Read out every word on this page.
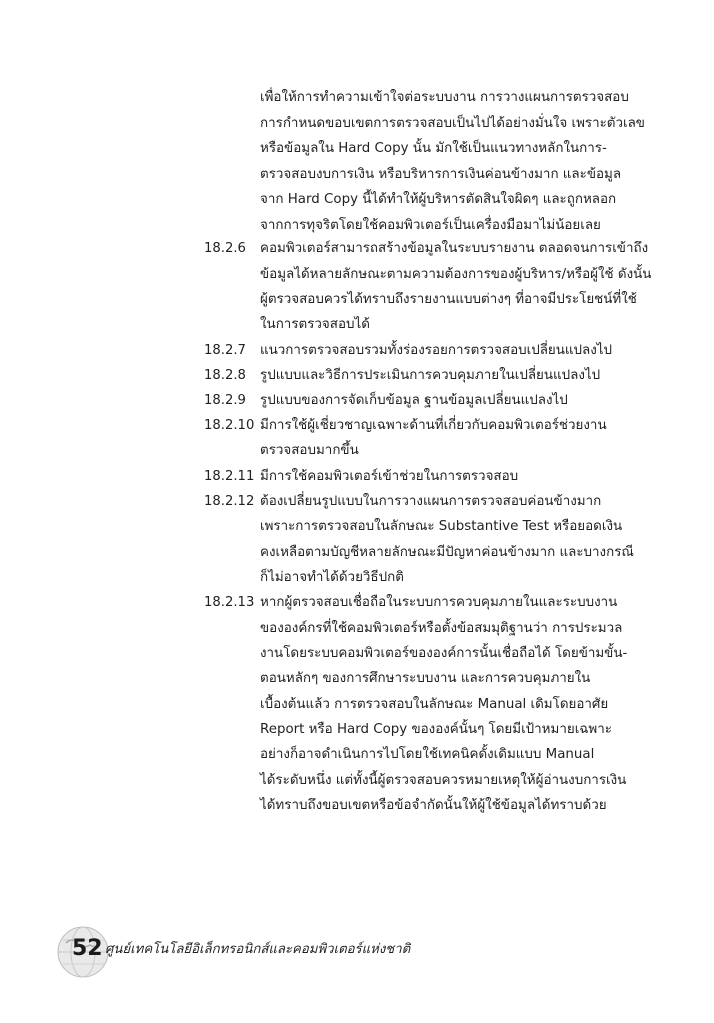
เพื่อให้การทำความเข้าใจต่อระบบงาน การวางแผนการตรวจสอบ
การกำหนดขอบเขตการตรวจสอบเป็นไปได้อย่างมั่นใจ เพราะตัวเลข
หรือข้อมูลใน Hard Copy นั้น มักใช้เป็นแนวทางหลักในการ-
ตรวจสอบงบการเงิน หรือบริหารการเงินค่อนข้างมาก และข้อมูล
จาก Hard Copy นี้ได้ทำให้ผู้บริหารตัดสินใจผิดๆ และถูกหลอก
จากการทุจริตโดยใช้คอมพิวเตอร์เป็นเครื่องมือมาไม่น้อยเลย
18.2.6 คอมพิวเตอร์สามารถสร้างข้อมูลในระบบรายงาน ตลอดจนการเข้าถึง
ข้อมูลได้หลายลักษณะตามความต้องการของผู้บริหาร/หรือผู้ใช้ ดังนั้น
ผู้ตรวจสอบควรได้ทราบถึงรายงานแบบต่างๆ ที่อาจมีประโยชน์ที่ใช้
ในการตรวจสอบได้
18.2.7 แนวการตรวจสอบรวมทั้งร่องรอยการตรวจสอบเปลี่ยนแปลงไป
18.2.8 รูปแบบและวิธีการประเมินการควบคุมภายในเปลี่ยนแปลงไป
18.2.9 รูปแบบของการจัดเก็บข้อมูล ฐานข้อมูลเปลี่ยนแปลงไป
18.2.10 มีการใช้ผู้เชี่ยวชาญเฉพาะด้านที่เกี่ยวกับคอมพิวเตอร์ช่วยงาน
ตรวจสอบมากขึ้น
18.2.11 มีการใช้คอมพิวเตอร์เข้าช่วยในการตรวจสอบ
18.2.12 ต้องเปลี่ยนรูปแบบในการวางแผนการตรวจสอบค่อนข้างมาก
เพราะการตรวจสอบในลักษณะ Substantive Test หรือยอดเงิน
คงเหลือตามบัญชีหลายลักษณะมีปัญหาค่อนข้างมาก และบางกรณี
ก็ไม่อาจทำได้ด้วยวิธีปกติ
18.2.13 หากผู้ตรวจสอบเชื่อถือในระบบการควบคุมภายในและระบบงาน
ขององค์กรที่ใช้คอมพิวเตอร์หรือตั้งข้อสมมุติฐานว่า การประมวล
งานโดยระบบคอมพิวเตอร์ขององค์การนั้นเชื่อถือได้ โดยข้ามขั้น-
ตอนหลักๆ ของการศึกษาระบบงาน และการควบคุมภายใน
เบื้องต้นแล้ว การตรวจสอบในลักษณะ Manual เดิมโดยอาศัย
Report หรือ Hard Copy ขององค์นั้นๆ โดยมีเป้าหมายเฉพาะ
อย่างก็อาจดำเนินการไปโดยใช้เทคนิคดั้งเดิมแบบ Manual
ได้ระดับหนึ่ง แต่ทั้งนี้ผู้ตรวจสอบควรหมายเหตุให้ผู้อ่านงบการเงิน
ได้ทราบถึงขอบเขตหรือข้อจำกัดนั้นให้ผู้ใช้ข้อมูลได้ทราบด้วย
52 ศูนย์เทคโนโลยีอิเล็กทรอนิกส์และคอมพิวเตอร์แห่งชาติ
